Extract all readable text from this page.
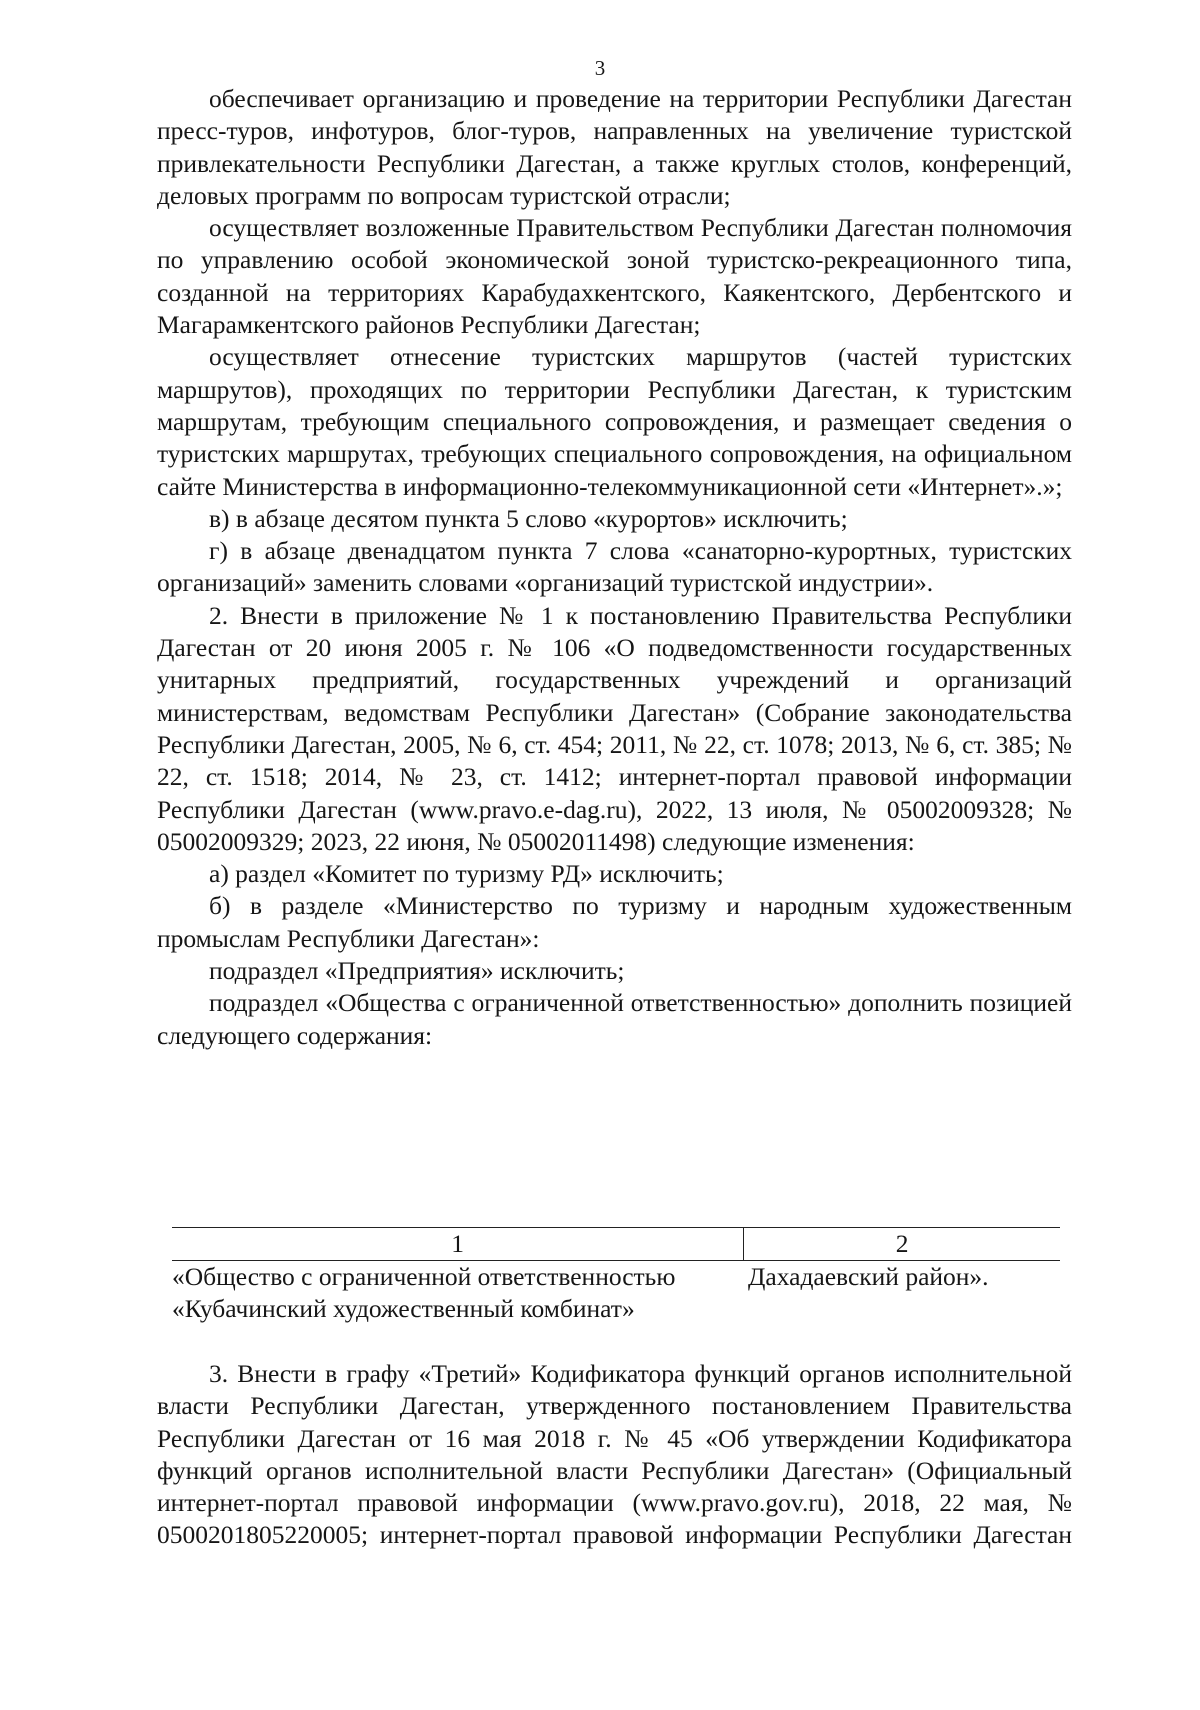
3

обеспечивает организацию и проведение на территории Республики Дагестан пресс-туров, инфотуров, блог-туров, направленных на увеличение туристской привлекательности Республики Дагестан, а также круглых столов, конференций, деловых программ по вопросам туристской отрасли;

осуществляет возложенные Правительством Республики Дагестан полномочия по управлению особой экономической зоной туристско-рекреационного типа, созданной на территориях Карабудахкентского, Каякентского, Дербентского и Магарамкентского районов Республики Дагестан;

осуществляет отнесение туристских маршрутов (частей туристских маршрутов), проходящих по территории Республики Дагестан, к туристским маршрутам, требующим специального сопровождения, и размещает сведения о туристских маршрутах, требующих специального сопровождения, на официальном сайте Министерства в информационно-телекоммуникационной сети «Интернет».»;

в) в абзаце десятом пункта 5 слово «курортов» исключить;

г) в абзаце двенадцатом пункта 7 слова «санаторно-курортных, туристских организаций» заменить словами «организаций туристской индустрии».

2. Внести в приложение № 1 к постановлению Правительства Республики Дагестан от 20 июня 2005 г. № 106 «О подведомственности государственных унитарных предприятий, государственных учреждений и организаций министерствам, ведомствам Республики Дагестан» (Собрание законодательства Республики Дагестан, 2005, № 6, ст. 454; 2011, № 22, ст. 1078; 2013, № 6, ст. 385; № 22, ст. 1518; 2014, № 23, ст. 1412; интернет-портал правовой информации Республики Дагестан (www.pravo.e-dag.ru), 2022, 13 июля, № 05002009328; № 05002009329; 2023, 22 июня, № 05002011498) следующие изменения:

а) раздел «Комитет по туризму РД» исключить;

б) в разделе «Министерство по туризму и народным художественным промыслам Республики Дагестан»:

подраздел «Предприятия» исключить;

подраздел «Общества с ограниченной ответственностью» дополнить позицией следующего содержания:

1	2
«Общество с ограниченной ответственностью
«Кубачинский художественный комбинат»
Дахадаевский район».

3. Внести в графу «Третий» Кодификатора функций органов исполнительной власти Республики Дагестан, утвержденного постановлением Правительства Республики Дагестан от 16 мая 2018 г. № 45 «Об утверждении Кодификатора функций органов исполнительной власти Республики Дагестан» (Официальный интернет-портал правовой информации (www.pravo.gov.ru), 2018, 22 мая, № 0500201805220005; интернет-портал правовой информации Республики Дагестан
